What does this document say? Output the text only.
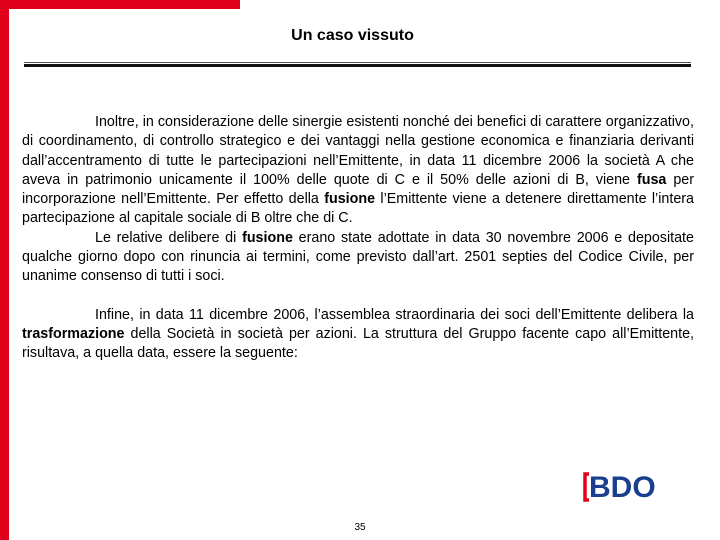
Un caso vissuto

Inoltre, in considerazione delle sinergie esistenti nonché dei benefici di carattere organizzativo, di coordinamento, di controllo strategico e dei vantaggi nella gestione economica e finanziaria derivanti dall’accentramento di tutte le partecipazioni nell’Emittente, in data 11 dicembre 2006 la società A che aveva in patrimonio unicamente il 100% delle quote di C e il 50% delle azioni di B, viene fusa per incorporazione nell’Emittente. Per effetto della fusione l’Emittente viene a detenere direttamente l’intera partecipazione al capitale sociale di B oltre che di C.

Le relative delibere di fusione erano state adottate in data 30 novembre 2006 e depositate qualche giorno dopo con rinuncia ai termini, come previsto dall’art. 2501 septies del Codice Civile, per unanime consenso di tutti i soci.

Infine, in data 11 dicembre 2006, l’assemblea straordinaria dei soci dell’Emittente delibera la trasformazione della Società in società per azioni. La struttura del Gruppo facente capo all’Emittente, risultava, a quella data, essere la seguente:

BDO
35
